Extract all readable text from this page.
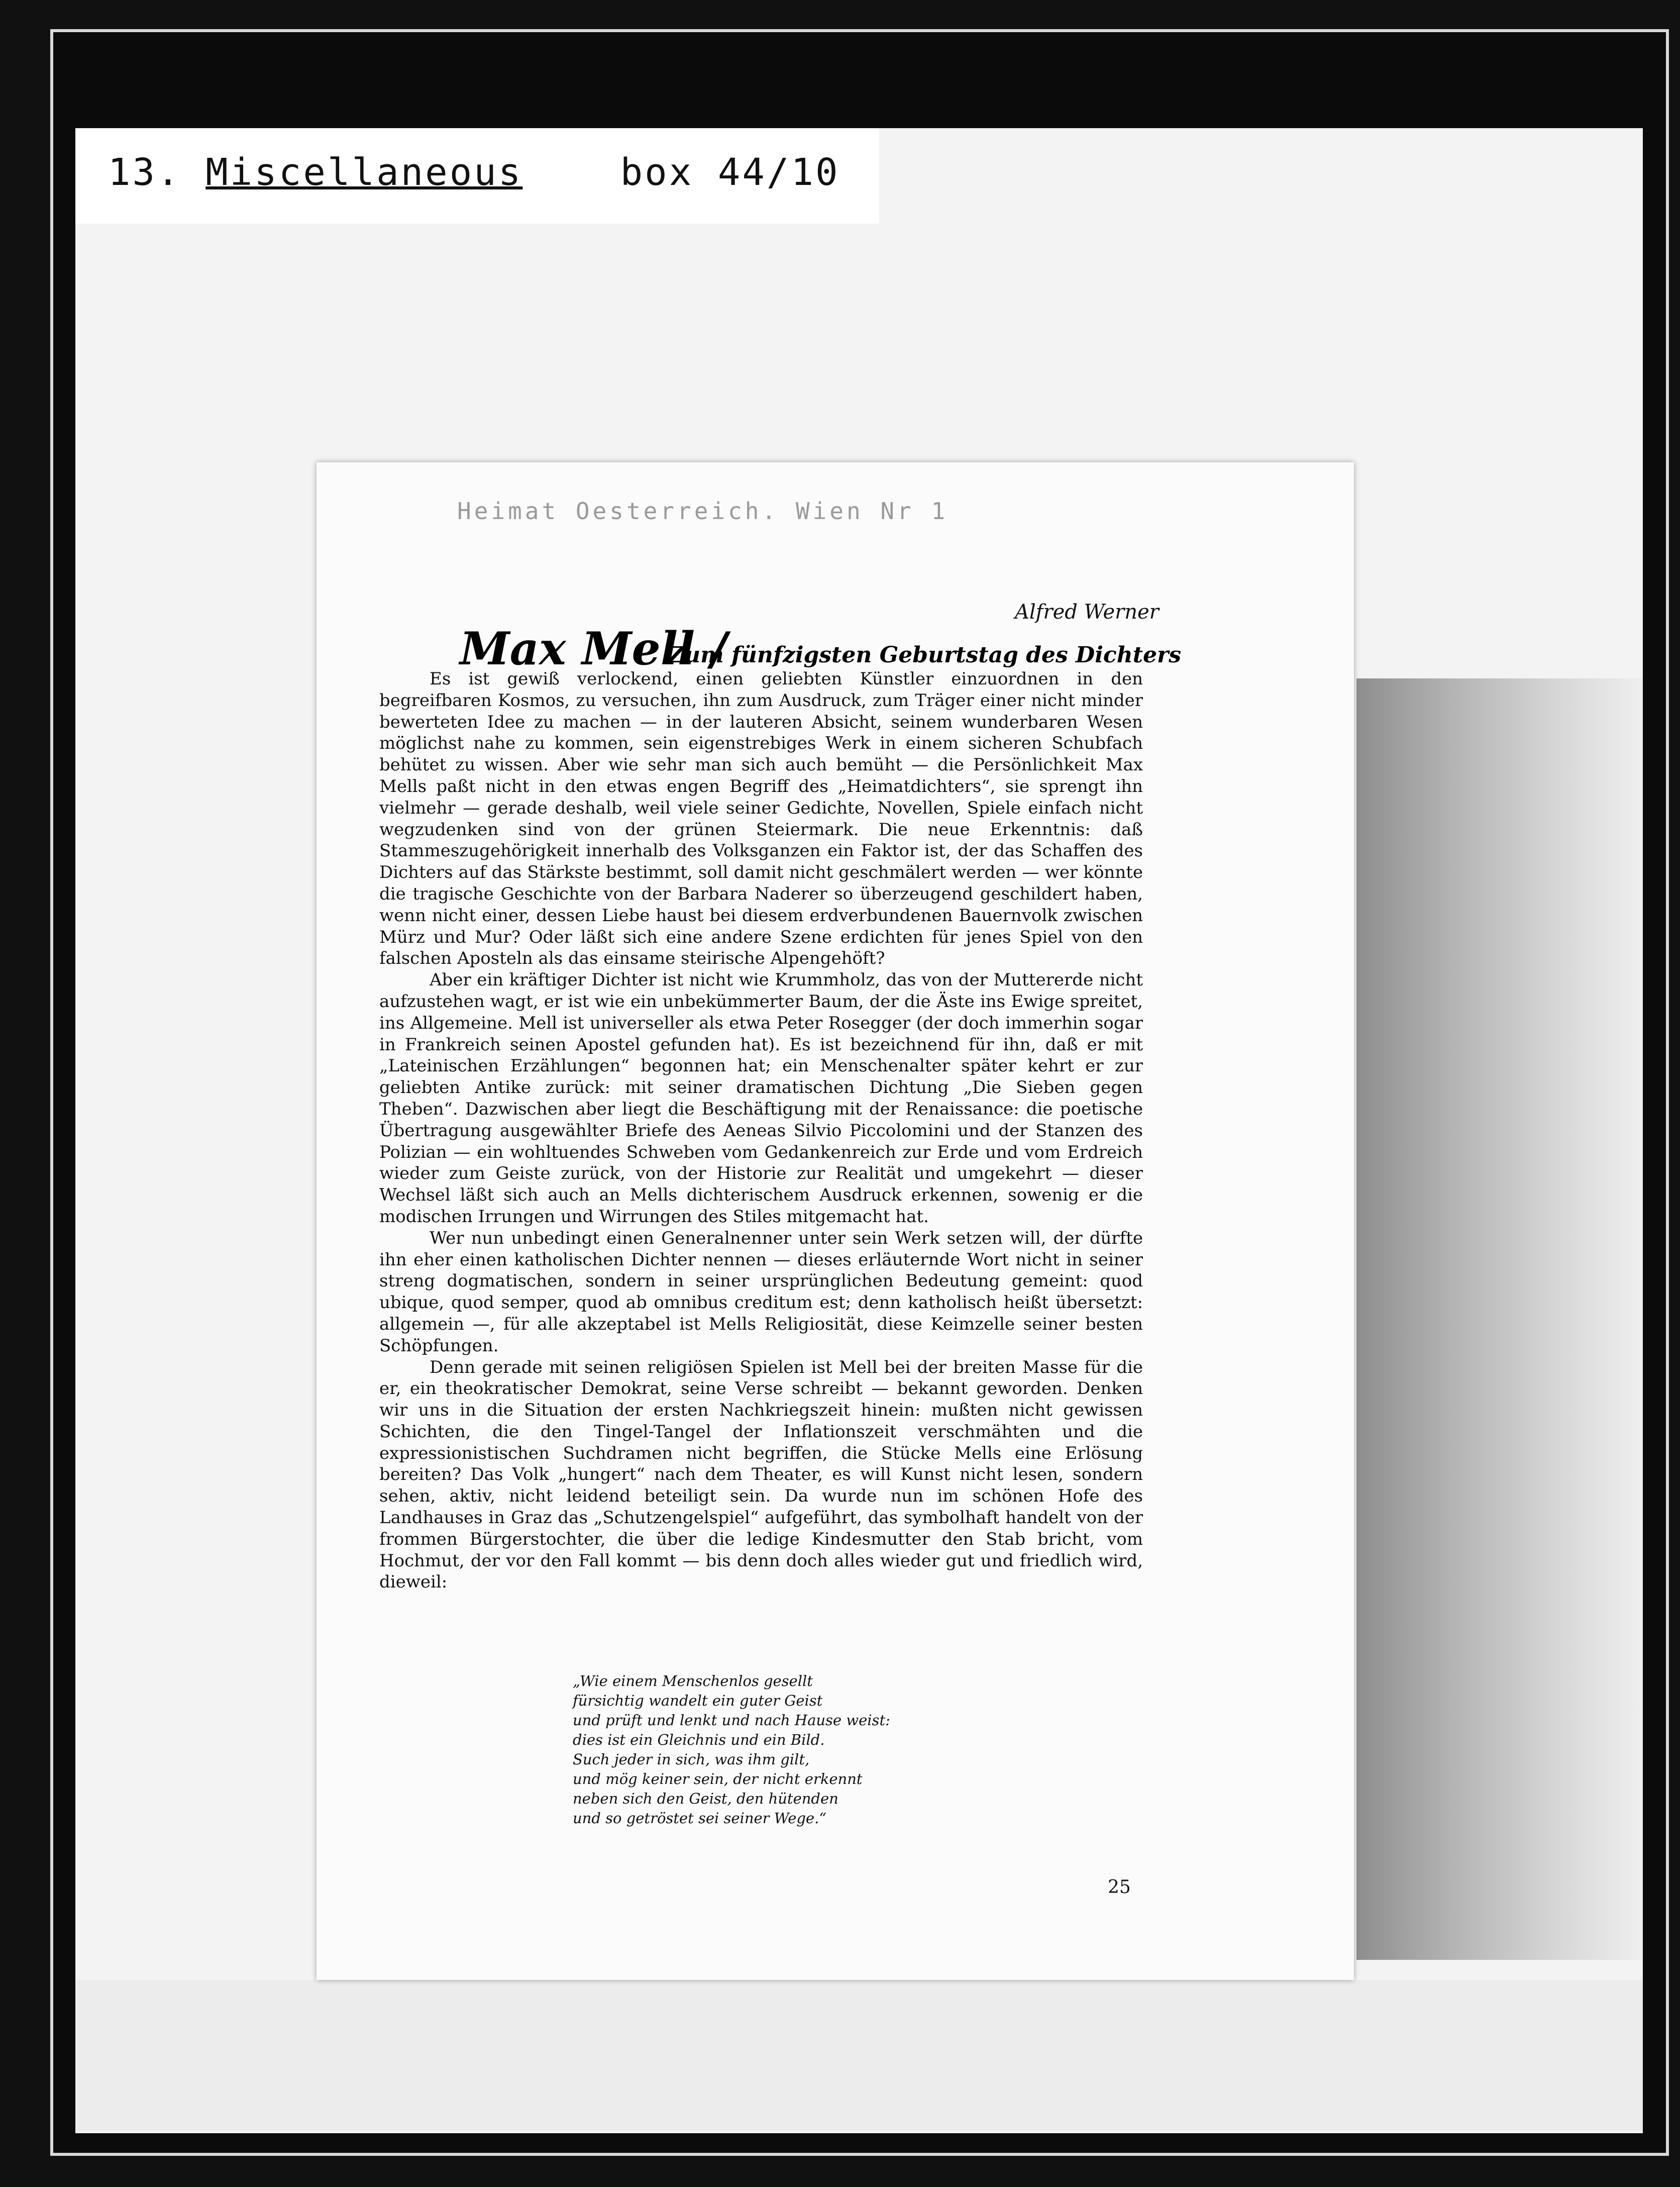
13. Miscellaneous	box 44/10
Heimat Oesterreich. Wien Nr 1
Alfred Werner
Max Mell /
Zum fünfzigsten Geburtstag des Dichters

Es ist gewiß verlockend, einen geliebten Künstler einzuordnen in den begreifbaren Kosmos, zu versuchen, ihn zum Ausdruck, zum Träger einer nicht minder bewerteten Idee zu machen — in der lauteren Absicht, seinem wunderbaren Wesen möglichst nahe zu kommen, sein eigenstrebiges Werk in einem sicheren Schubfach behütet zu wissen. Aber wie sehr man sich auch bemüht — die Persönlichkeit Max Mells paßt nicht in den etwas engen Begriff des „Heimatdichters“, sie sprengt ihn vielmehr — gerade deshalb, weil viele seiner Gedichte, Novellen, Spiele einfach nicht wegzudenken sind von der grünen Steiermark. Die neue Erkenntnis: daß Stammeszugehörigkeit innerhalb des Volksganzen ein Faktor ist, der das Schaffen des Dichters auf das Stärkste bestimmt, soll damit nicht geschmälert werden — wer könnte die tragische Geschichte von der Barbara Naderer so überzeugend geschildert haben, wenn nicht einer, dessen Liebe haust bei diesem erdverbundenen Bauernvolk zwischen Mürz und Mur? Oder läßt sich eine andere Szene erdichten für jenes Spiel von den falschen Aposteln als das einsame steirische Alpengehöft?

Aber ein kräftiger Dichter ist nicht wie Krummholz, das von der Muttererde nicht aufzustehen wagt, er ist wie ein unbekümmerter Baum, der die Äste ins Ewige spreitet, ins Allgemeine. Mell ist universeller als etwa Peter Rosegger (der doch immerhin sogar in Frankreich seinen Apostel gefunden hat). Es ist bezeichnend für ihn, daß er mit „Lateinischen Erzählungen“ begonnen hat; ein Menschenalter später kehrt er zur geliebten Antike zurück: mit seiner dramatischen Dichtung „Die Sieben gegen Theben“. Dazwischen aber liegt die Beschäftigung mit der Renaissance: die poetische Übertragung ausgewählter Briefe des Aeneas Silvio Piccolomini und der Stanzen des Polizian — ein wohltuendes Schweben vom Gedankenreich zur Erde und vom Erdreich wieder zum Geiste zurück, von der Historie zur Realität und umgekehrt — dieser Wechsel läßt sich auch an Mells dichterischem Ausdruck erkennen, sowenig er die modischen Irrungen und Wirrungen des Stiles mitgemacht hat.

Wer nun unbedingt einen Generalnenner unter sein Werk setzen will, der dürfte ihn eher einen katholischen Dichter nennen — dieses erläuternde Wort nicht in seiner streng dogmatischen, sondern in seiner ursprünglichen Bedeutung gemeint: quod ubique, quod semper, quod ab omnibus creditum est; denn katholisch heißt übersetzt: allgemein —, für alle akzeptabel ist Mells Religiosität, diese Keimzelle seiner besten Schöpfungen.

Denn gerade mit seinen religiösen Spielen ist Mell bei der breiten Masse für die er, ein theokratischer Demokrat, seine Verse schreibt — bekannt geworden. Denken wir uns in die Situation der ersten Nachkriegszeit hinein: mußten nicht gewissen Schichten, die den Tingel-Tangel der Inflationszeit verschmähten und die expressionistischen Suchdramen nicht begriffen, die Stücke Mells eine Erlösung bereiten? Das Volk „hungert“ nach dem Theater, es will Kunst nicht lesen, sondern sehen, aktiv, nicht leidend beteiligt sein. Da wurde nun im schönen Hofe des Landhauses in Graz das „Schutzengelspiel“ aufgeführt, das symbolhaft handelt von der frommen Bürgerstochter, die über die ledige Kindesmutter den Stab bricht, vom Hochmut, der vor den Fall kommt — bis denn doch alles wieder gut und friedlich wird, dieweil:

„Wie einem Menschenlos gesellt
fürsichtig wandelt ein guter Geist
und prüft und lenkt und nach Hause weist:
dies ist ein Gleichnis und ein Bild.
Such jeder in sich, was ihm gilt,
und mög keiner sein, der nicht erkennt
neben sich den Geist, den hütenden
und so getröstet sei seiner Wege.“
25
